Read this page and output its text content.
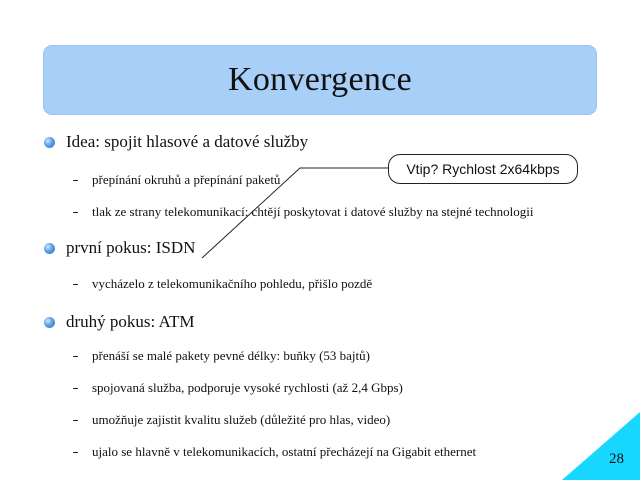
Konvergence
Idea: spojit hlasové a datové služby
přepínání okruhů a přepínání paketů
tlak ze strany telekomunikací: chtějí poskytovat i datové služby na stejné technologii
první pokus: ISDN
vycházelo z telekomunikačního pohledu, přišlo pozdě
druhý pokus: ATM
přenáší se malé pakety pevné délky: buňky (53 bajtů)
spojovaná služba, podporuje vysoké rychlosti (až 2,4 Gbps)
umožňuje zajistit kvalitu služeb (důležité pro hlas, video)
ujalo se hlavně v telekomunikacích, ostatní přecházejí na Gigabit ethernet
Vtip? Rychlost 2x64kbps
28
